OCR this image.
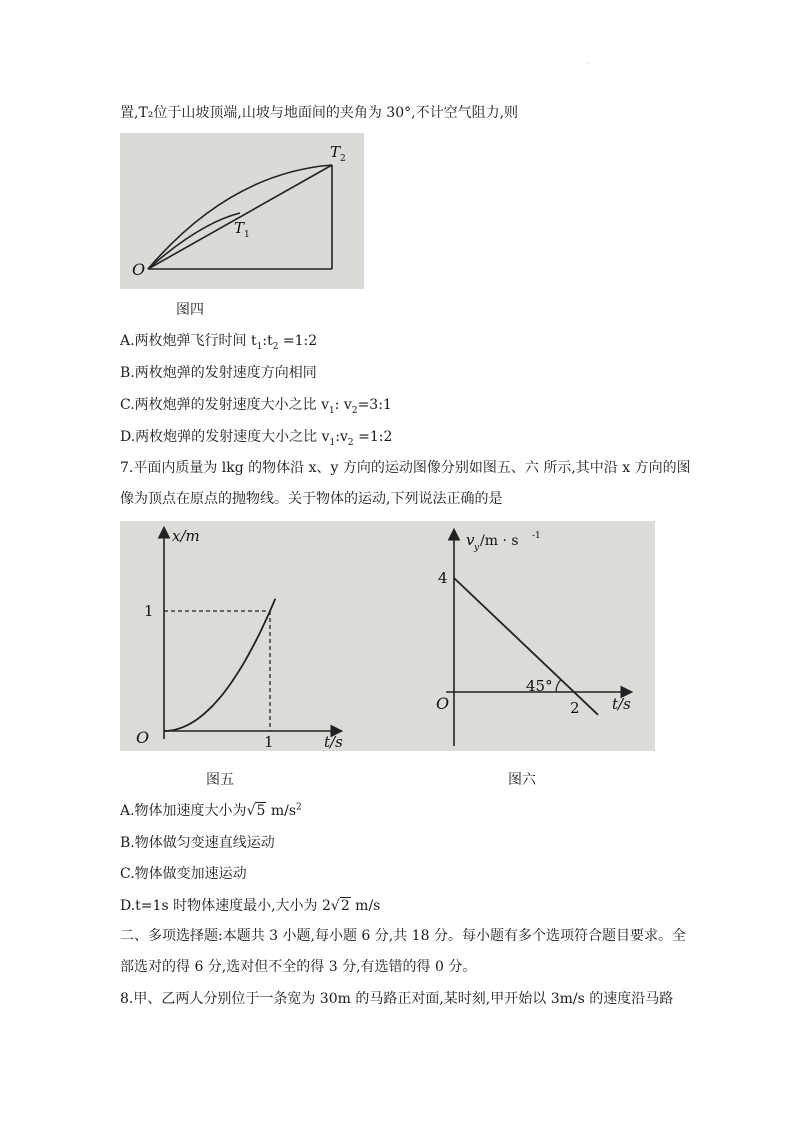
'
置,T₂位于山坡顶端,山坡与地面间的夹角为 30°,不计空气阻力,则
O
T 1
T 2
图四
A.两枚炮弹飞行时间 $t_1:t_2$ =1:2
B.两枚炮弹的发射速度方向相同
C.两枚炮弹的发射速度大小之比 $v_1$: $v_2=3:1$
D.两枚炮弹的发射速度大小之比 $v_1:v_2$ =1:2
7.平面内质量为 lkg 的物体沿 x、y 方向的运动图像分别如图五、六 所示,其中沿 x 方向的图
像为顶点在原点的抛物线。关于物体的运动,下列说法正确的是
x/m
t/s
O	1
1
v y /m · s -1
t/s
O
4
2
45°
图五	图六
A.物体加速度大小为√5 $m/s^2$
B.物体做匀变速直线运动
C.物体做变加速运动
D.t=1s 时物体速度最小,大小为 2√2 m/s
二、多项选择题:本题共 3 小题,每小题 6 分,共 18 分。每小题有多个选项符合题目要求。全
部选对的得 6 分,选对但不全的得 3 分,有选错的得 0 分。
8.甲、乙两人分别位于一条宽为 30m 的马路正对面,某时刻,甲开始以 3m/s 的速度沿马路
